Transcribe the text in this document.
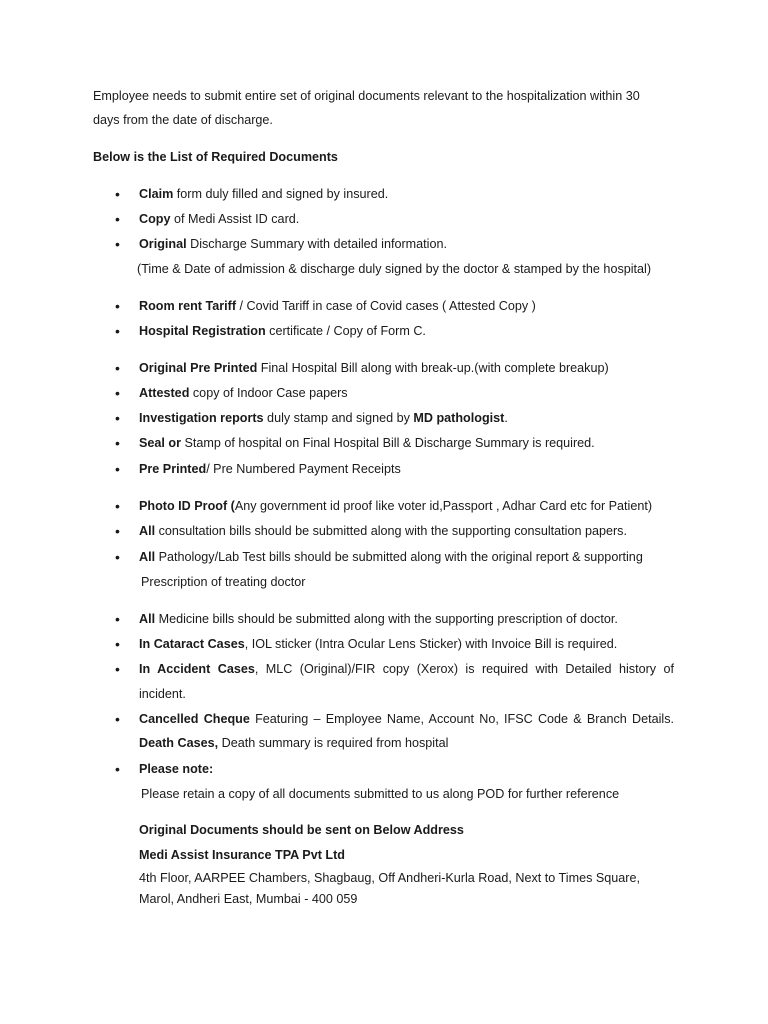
Employee needs to submit entire set of original documents relevant to the hospitalization within 30
days from the date of discharge.
Below is the List of Required Documents
•	Claim form duly filled and signed by insured.
•	Copy of Medi Assist ID card.
•	Original Discharge Summary with detailed information.
(Time & Date of admission & discharge duly signed by the doctor & stamped by the hospital)
•	Room rent Tariff / Covid Tariff in case of Covid cases ( Attested Copy )
•	Hospital Registration certificate / Copy of Form C.
•	Original Pre Printed Final Hospital Bill along with break-up.(with complete breakup)
•	Attested copy of Indoor Case papers
•	Investigation reports duly stamp and signed by MD pathologist.
•	Seal or Stamp of hospital on Final Hospital Bill & Discharge Summary is required.
•	Pre Printed/ Pre Numbered Payment Receipts
•	Photo ID Proof (Any government id proof like voter id,Passport , Adhar Card etc for Patient)
•	All consultation bills should be submitted along with the supporting consultation papers.
•	All Pathology/Lab Test bills should be submitted along with the original report & supporting
Prescription of treating doctor
•	All Medicine bills should be submitted along with the supporting prescription of doctor.
•	In Cataract Cases, IOL sticker (Intra Ocular Lens Sticker) with Invoice Bill is required.
•	In Accident Cases, MLC (Original)/FIR copy (Xerox) is required with Detailed history of
incident.
•	Cancelled Cheque Featuring – Employee Name, Account No, IFSC Code & Branch Details.
Death Cases, Death summary is required from hospital
•	Please note:
Please retain a copy of all documents submitted to us along POD for further reference
Original Documents should be sent on Below Address
Medi Assist Insurance TPA Pvt Ltd
4th Floor, AARPEE Chambers, Shagbaug, Off Andheri-Kurla Road, Next to Times Square,
Marol, Andheri East, Mumbai - 400 059
